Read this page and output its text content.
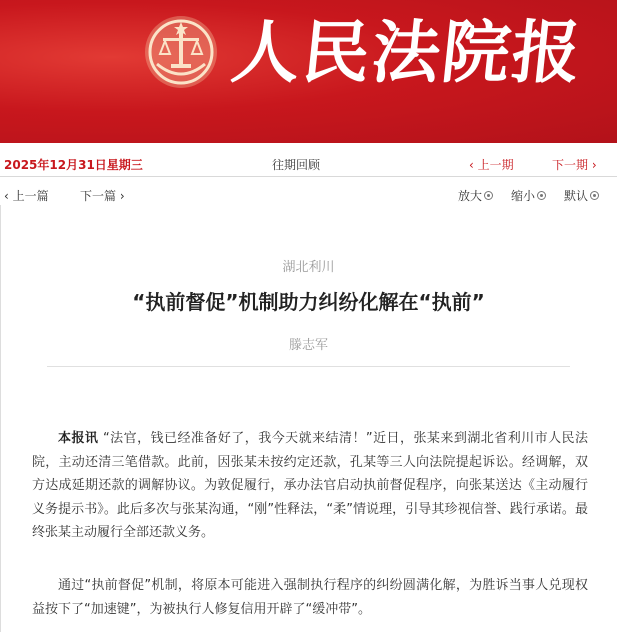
人民法院报
2025年12月31日星期三	往期回顾	‹ 上一期	下一期 ›
‹ 上一篇	下一篇 ›	放大	缩小	默认
湖北利川
“执前督促”机制助力纠纷化解在“执前”
滕志军

本报讯 “法官，钱已经准备好了，我今天就来结清！”近日，张某来到湖北省利川市人民法院，主动还清三笔借款。此前，因张某未按约定还款，孔某等三人向法院提起诉讼。经调解，双方达成延期还款的调解协议。为敦促履行，承办法官启动执前督促程序，向张某送达《主动履行义务提示书》。此后多次与张某沟通，“刚”性释法，“柔”情说理，引导其珍视信誉、践行承诺。最终张某主动履行全部还款义务。

通过“执前督促”机制，将原本可能进入强制执行程序的纠纷圆满化解，为胜诉当事人兑现权益按下了“加速键”，为被执行人修复信用开辟了“缓冲带”。
